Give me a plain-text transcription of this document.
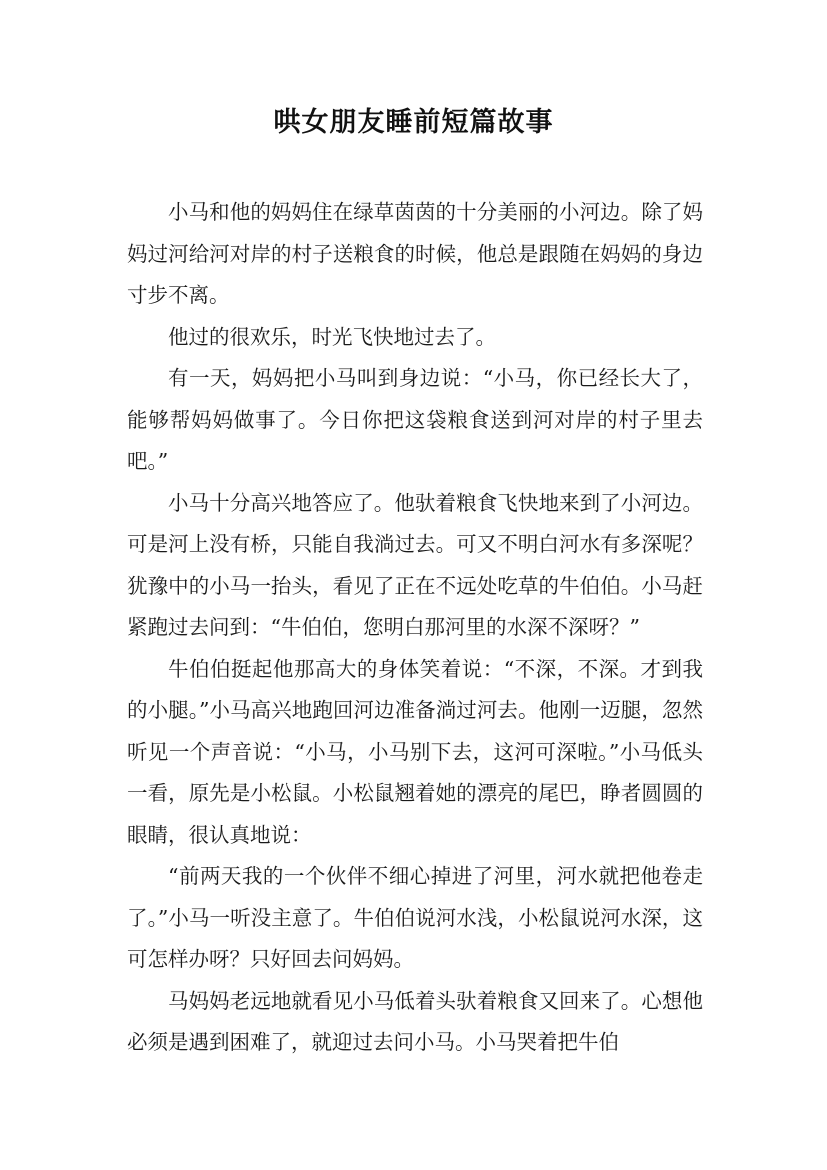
哄女朋友睡前短篇故事

小马和他的妈妈住在绿草茵茵的十分美丽的小河边。除了妈妈过河给河对岸的村子送粮食的时候，他总是跟随在妈妈的身边寸步不离。

他过的很欢乐，时光飞快地过去了。

有一天，妈妈把小马叫到身边说：“小马，你已经长大了，能够帮妈妈做事了。今日你把这袋粮食送到河对岸的村子里去吧。”

小马十分高兴地答应了。他驮着粮食飞快地来到了小河边。可是河上没有桥，只能自我淌过去。可又不明白河水有多深呢？犹豫中的小马一抬头，看见了正在不远处吃草的牛伯伯。小马赶紧跑过去问到：“牛伯伯，您明白那河里的水深不深呀？”

牛伯伯挺起他那高大的身体笑着说：“不深，不深。才到我的小腿。”小马高兴地跑回河边准备淌过河去。他刚一迈腿，忽然听见一个声音说：“小马，小马别下去，这河可深啦。”小马低头一看，原先是小松鼠。小松鼠翘着她的漂亮的尾巴，睁者圆圆的眼睛，很认真地说：

“前两天我的一个伙伴不细心掉进了河里，河水就把他卷走了。”小马一听没主意了。牛伯伯说河水浅，小松鼠说河水深，这可怎样办呀？只好回去问妈妈。

马妈妈老远地就看见小马低着头驮着粮食又回来了。心想他必须是遇到困难了，就迎过去问小马。小马哭着把牛伯
